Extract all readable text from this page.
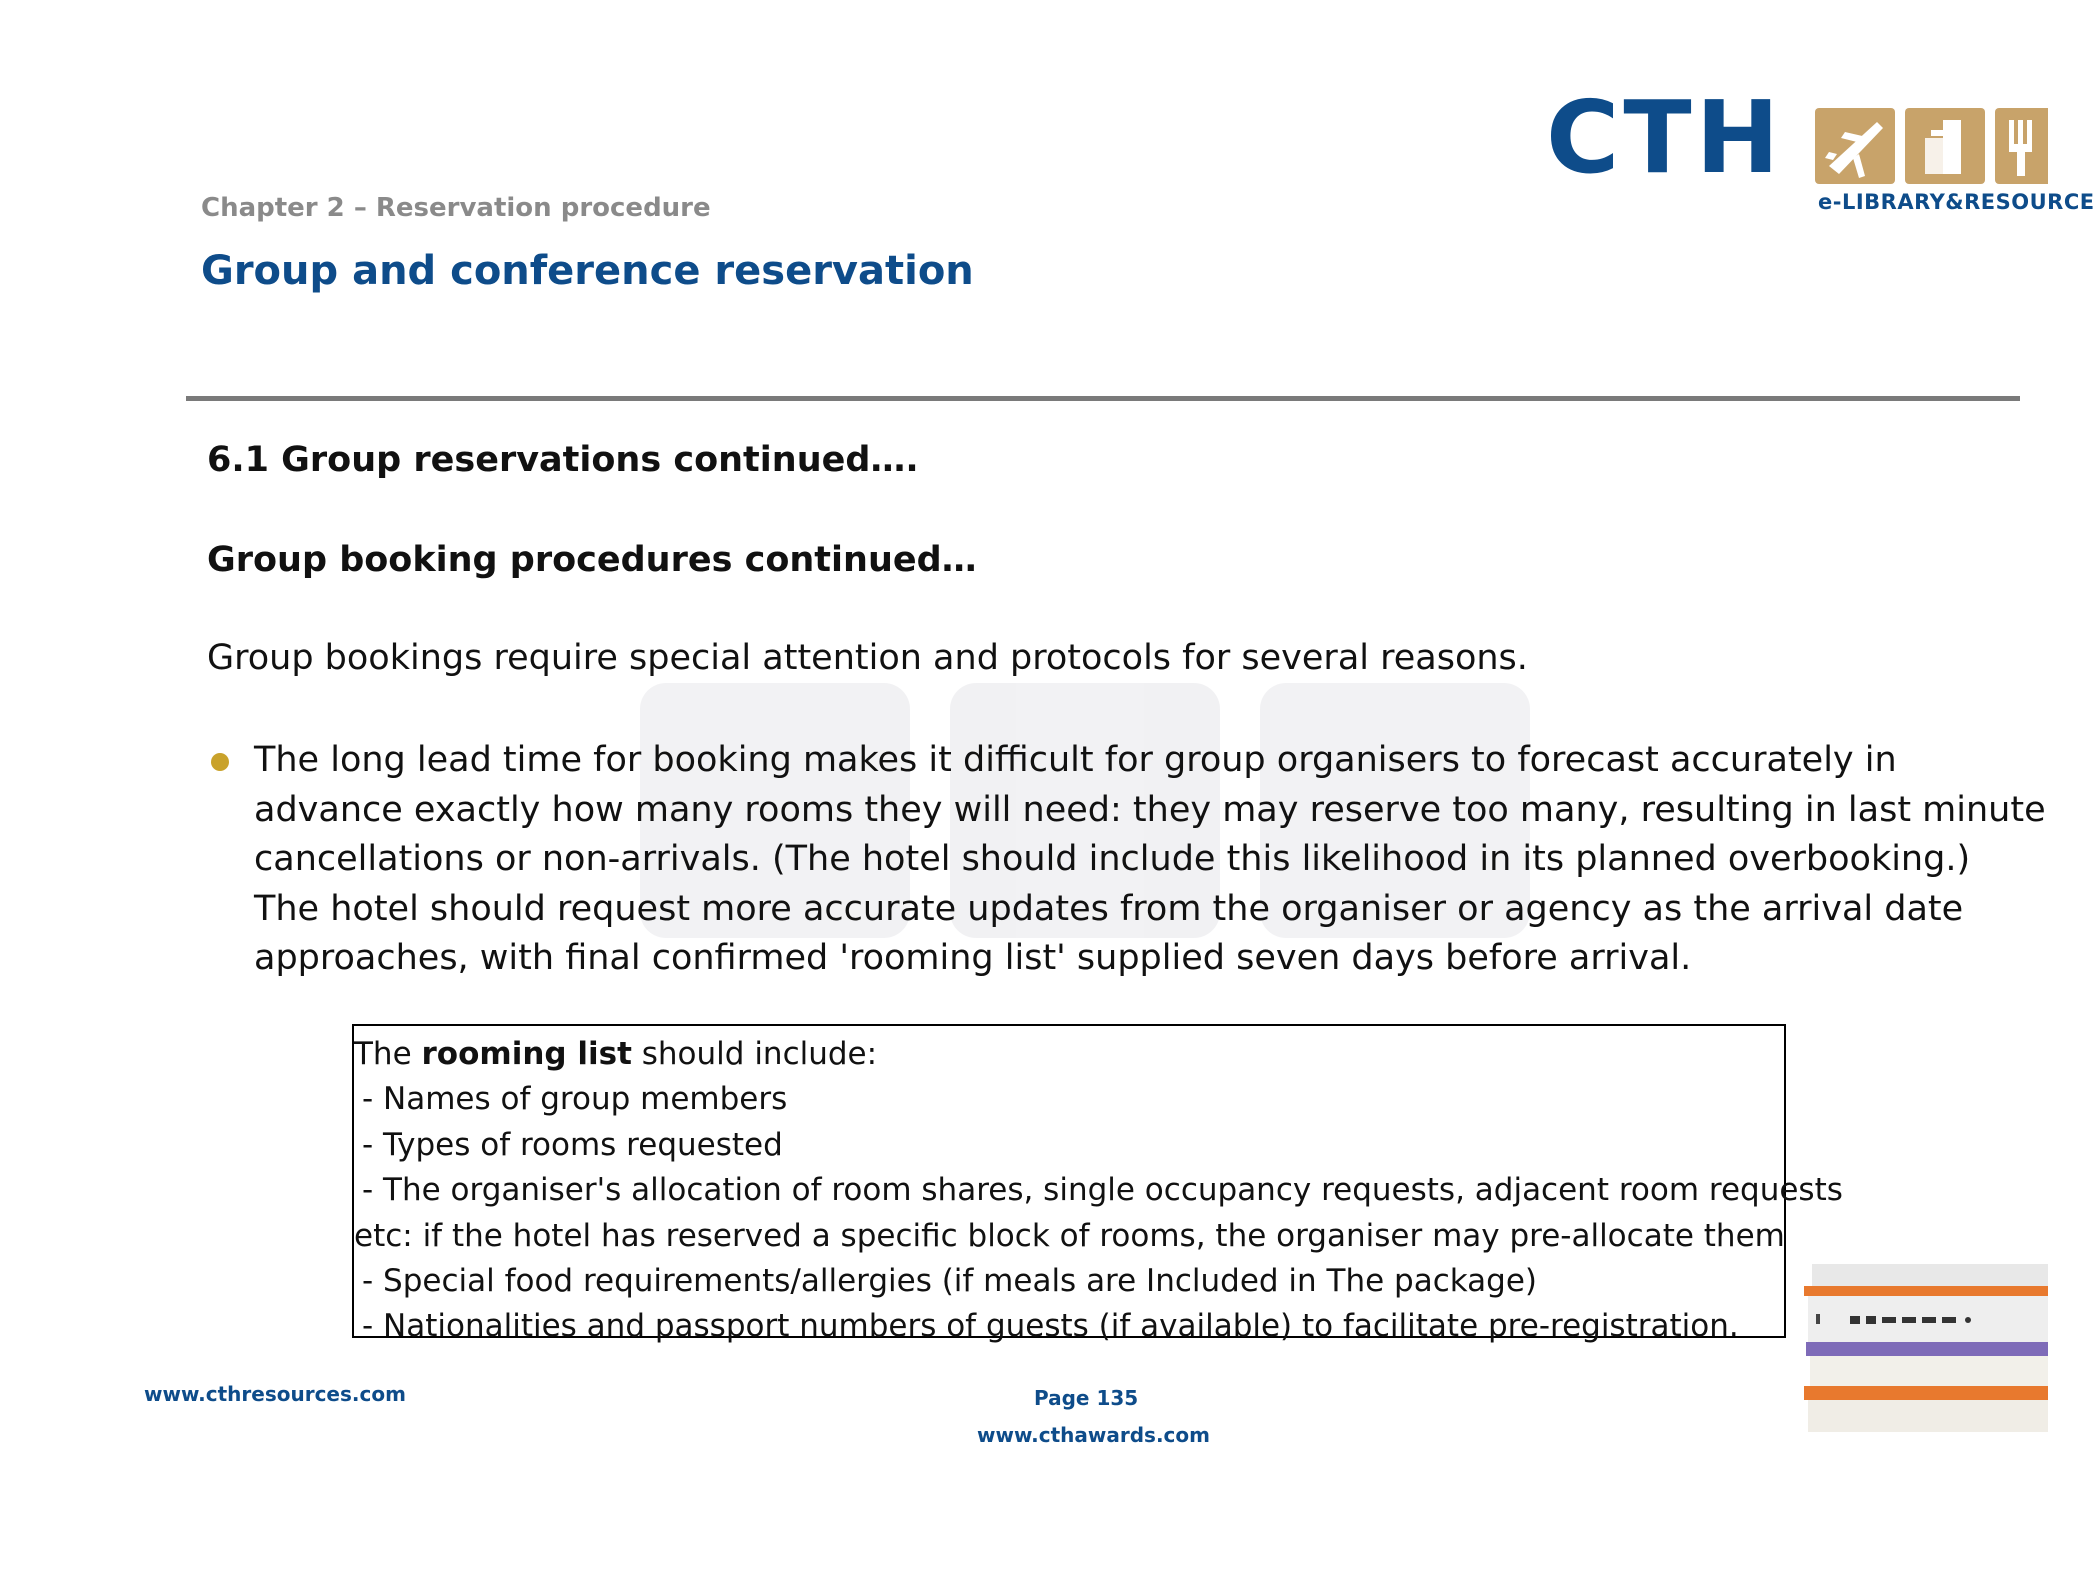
Chapter 2 – Reservation procedure
Group and conference reservation
CTH
e-LIBRARY&RESOURCE
6.1 Group reservations continued….
Group booking procedures continued…
Group bookings require special attention and protocols for several reasons.
The long lead time for booking makes it difficult for group organisers to forecast accurately in
advance exactly how many rooms they will need: they may reserve too many, resulting in last minute
cancellations or non-arrivals. (The hotel should include this likelihood in its planned overbooking.)
The hotel should request more accurate updates from the organiser or agency as the arrival date
approaches, with final confirmed 'rooming list' supplied seven days before arrival.
The rooming list should include:
- Names of group members
- Types of rooms requested
- The organiser's allocation of room shares, single occupancy requests, adjacent room requests
etc: if the hotel has reserved a specific block of rooms, the organiser may pre-allocate them
- Special food requirements/allergies (if meals are Included in The package)
- Nationalities and passport numbers of guests (if available) to facilitate pre-registration.
www.cthresources.com	Page 135
www.cthawards.com
